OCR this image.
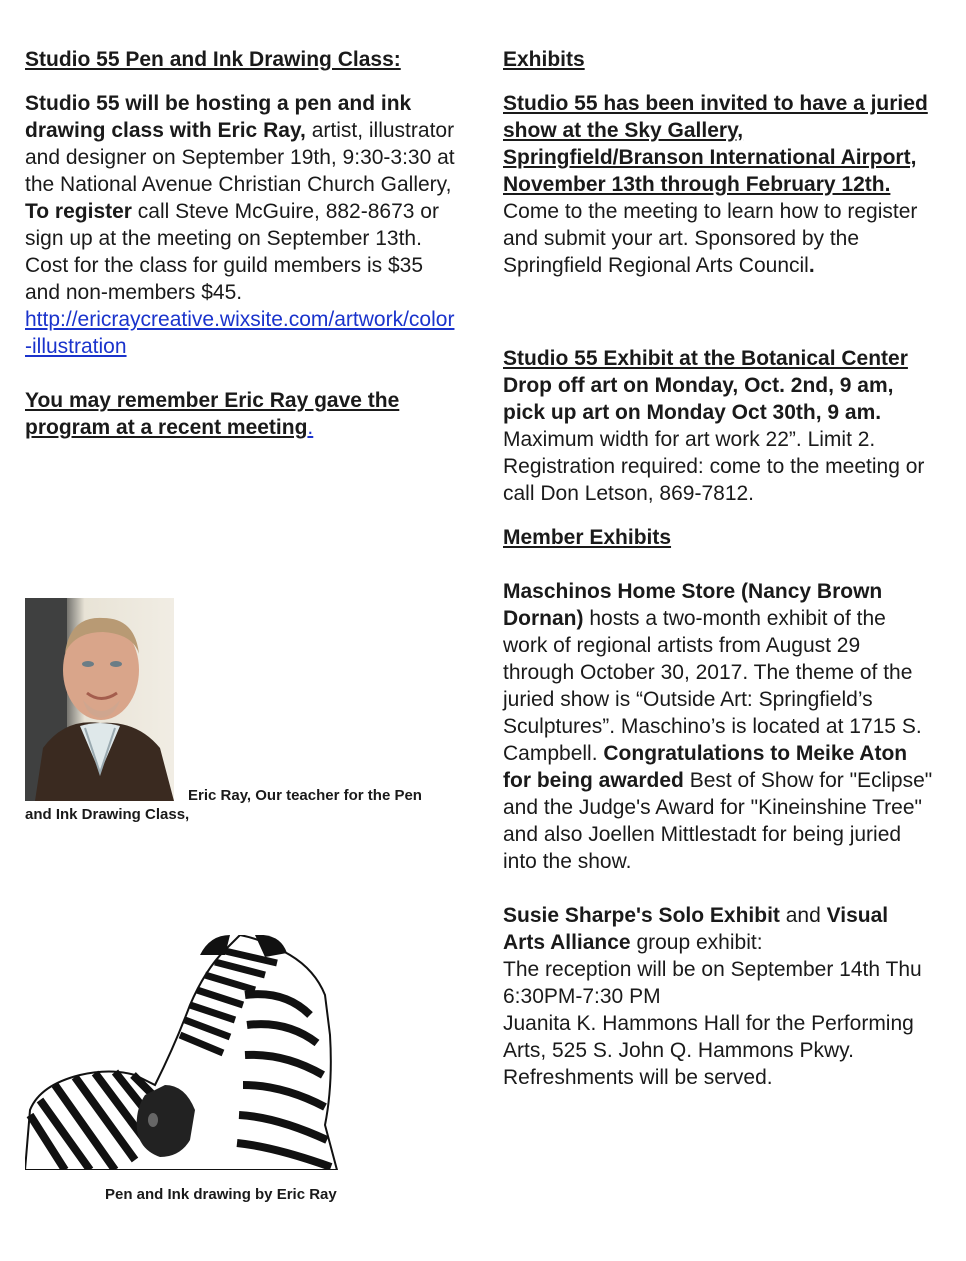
Studio 55 Pen and Ink Drawing Class:

Studio 55 will be hosting a pen and ink drawing class with Eric Ray, artist, illustrator and designer on September 19th, 9:30-3:30 at the National Avenue Christian Church Gallery, To register call Steve McGuire, 882-8673 or sign up at the meeting on September 13th. Cost for the class for guild members is $35 and non-members $45.
http://ericraycreative.wixsite.com/artwork/color-illustration

You may remember Eric Ray gave the program at a recent meeting.

Eric Ray, Our teacher for the Pen and Ink Drawing Class,
Pen and Ink drawing by Eric Ray

Exhibits

Studio 55 has been invited to have a juried show at the Sky Gallery, Springfield/Branson International Airport, November 13th through February 12th. Come to the meeting to learn how to register and submit your art. Sponsored by the Springfield Regional Arts Council.

Studio 55 Exhibit at the Botanical Center Drop off art on Monday, Oct. 2nd, 9 am, pick up art on Monday Oct 30th, 9 am. Maximum width for art work 22”. Limit 2. Registration required: come to the meeting or call Don Letson, 869-7812.

Member Exhibits

Maschinos Home Store (Nancy Brown Dornan) hosts a two-month exhibit of the work of regional artists from August 29 through October 30, 2017. The theme of the juried show is “Outside Art: Springfield’s Sculptures”. Maschino’s is located at 1715 S. Campbell. Congratulations to Meike Aton for being awarded Best of Show for "Eclipse" and the Judge's Award for "Kineinshine Tree" and also Joellen Mittlestadt for being juried into the show.

Susie Sharpe's Solo Exhibit and Visual Arts Alliance group exhibit:
The reception will be on September 14th Thu 6:30PM-7:30 PM
Juanita K. Hammons Hall for the Performing Arts, 525 S. John Q. Hammons Pkwy. Refreshments will be served.
